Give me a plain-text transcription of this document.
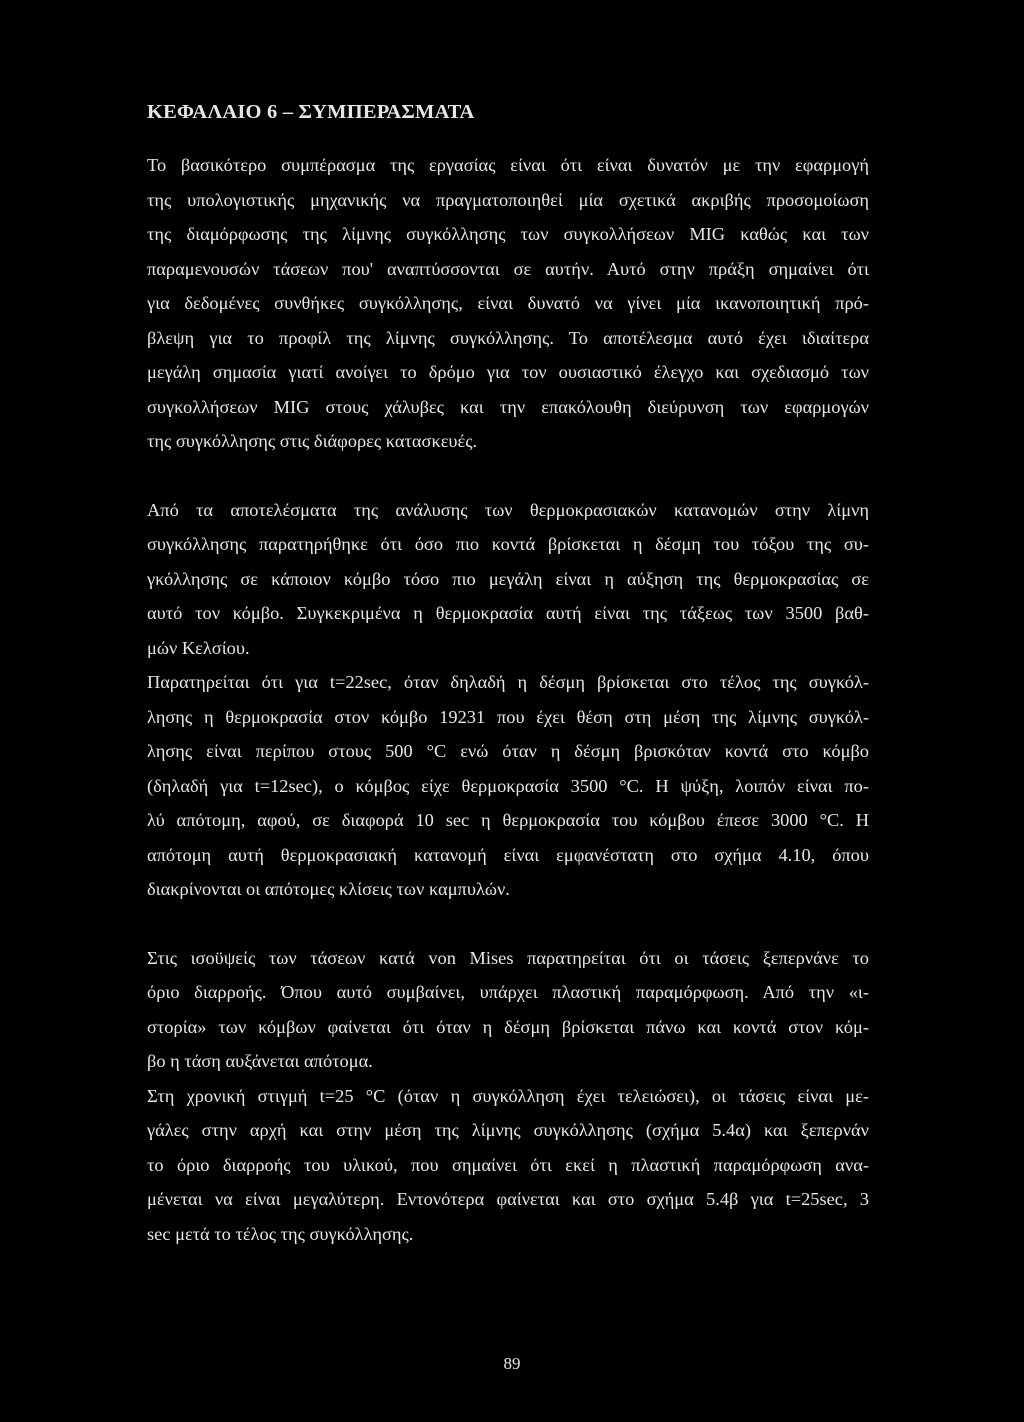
ΚΕΦΑΛΑΙΟ 6 – ΣΥΜΠΕΡΑΣΜΑΤΑ
Το βασικότερο συμπέρασμα της εργασίας είναι ότι είναι δυνατόν με την εφαρμογή
της υπολογιστικής μηχανικής να πραγματοποιηθεί μία σχετικά ακριβής προσομοίωση
της διαμόρφωσης της λίμνης συγκόλλησης των συγκολλήσεων MIG καθώς και των
παραμενουσών τάσεων που' αναπτύσσονται σε αυτήν. Αυτό στην πράξη σημαίνει ότι
για δεδομένες συνθήκες συγκόλλησης, είναι δυνατό να γίνει μία ικανοποιητική πρό-
βλεψη για το προφίλ της λίμνης συγκόλλησης. Το αποτέλεσμα αυτό έχει ιδιαίτερα
μεγάλη σημασία γιατί ανοίγει το δρόμο για τον ουσιαστικό έλεγχο και σχεδιασμό των
συγκολλήσεων MIG στους χάλυβες και την επακόλουθη διεύρυνση των εφαρμογών
της συγκόλλησης στις διάφορες κατασκευές.
Από τα αποτελέσματα της ανάλυσης των θερμοκρασιακών κατανομών στην λίμνη
συγκόλλησης παρατηρήθηκε ότι όσο πιο κοντά βρίσκεται η δέσμη του τόξου της συ-
γκόλλησης σε κάποιον κόμβο τόσο πιο μεγάλη είναι η αύξηση της θερμοκρασίας σε
αυτό τον κόμβο. Συγκεκριμένα η θερμοκρασία αυτή είναι της τάξεως των 3500 βαθ-
μών Κελσίου.
Παρατηρείται ότι για t=22sec, όταν δηλαδή η δέσμη βρίσκεται στο τέλος της συγκόλ-
λησης η θερμοκρασία στον κόμβο 19231 που έχει θέση στη μέση της λίμνης συγκόλ-
λησης είναι περίπου στους 500 °C ενώ όταν η δέσμη βρισκόταν κοντά στο κόμβο
(δηλαδή για t=12sec), ο κόμβος είχε θερμοκρασία 3500 °C. Η ψύξη, λοιπόν είναι πο-
λύ απότομη, αφού, σε διαφορά 10 sec η θερμοκρασία του κόμβου έπεσε 3000 °C. Η
απότομη αυτή θερμοκρασιακή κατανομή είναι εμφανέστατη στο σχήμα 4.10, όπου
διακρίνονται οι απότομες κλίσεις των καμπυλών.
Στις ισοϋψείς των τάσεων κατά von Mises παρατηρείται ότι οι τάσεις ξεπερνάνε το
όριο διαρροής. Όπου αυτό συμβαίνει, υπάρχει πλαστική παραμόρφωση. Από την «ι-
στορία» των κόμβων φαίνεται ότι όταν η δέσμη βρίσκεται πάνω και κοντά στον κόμ-
βο η τάση αυξάνεται απότομα.
Στη χρονική στιγμή t=25 °C (όταν η συγκόλληση έχει τελειώσει), οι τάσεις είναι με-
γάλες στην αρχή και στην μέση της λίμνης συγκόλλησης (σχήμα 5.4α) και ξεπερνάν
το όριο διαρροής του υλικού, που σημαίνει ότι εκεί η πλαστική παραμόρφωση ανα-
μένεται να είναι μεγαλύτερη. Εντονότερα φαίνεται και στο σχήμα 5.4β για t=25sec, 3
sec μετά το τέλος της συγκόλλησης.
89
